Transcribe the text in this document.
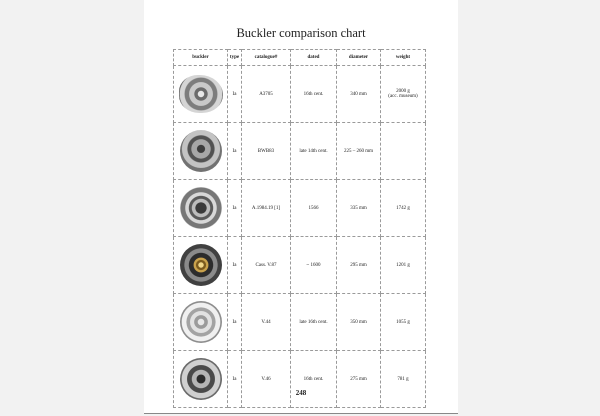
Buckler comparison chart
buckler	type	catalogue#	dated	diameter	weight

	Ia	A3705	16th cent.	340 mm	2000 g
(acc. museum)

	Ia	BWB83	late 14th cent.	225 – 260 mm	

	Ia	A.1984.19 [1]	1566	335 mm	1742 g

	Ia	Cass. V.87	~ 1600	295 mm	1201 g

	Ia	V.44	late 16th cent.	350 mm	1055 g

	Ia	V.46	16th cent.	275 mm	781 g
248
